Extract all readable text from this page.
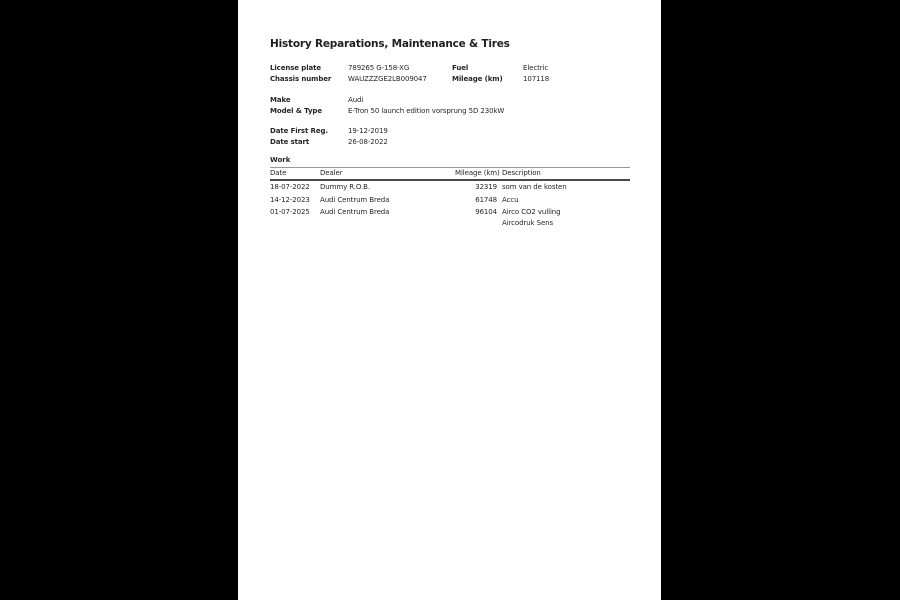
History Reparations, Maintenance & Tires
License plate	789265 G-158-XG	Fuel	Electric
Chassis number WAUZZZGE2LB009047	Mileage (km)	107118
Make	Audi
Model & Type	E-Tron 50 launch edition vorsprung 5D 230kW
Date First Reg.	19-12-2019
Date start	26-08-2022
Work
Date	Dealer	Mileage (km)	Description
18-07-2022	Dummy R.O.B.	32319	som van de kosten

14-12-2023	Audi Centrum Breda	61748	Accu

01-07-2025	Audi Centrum Breda	96104	Airco CO2 vulling
Aircodruk Sens
